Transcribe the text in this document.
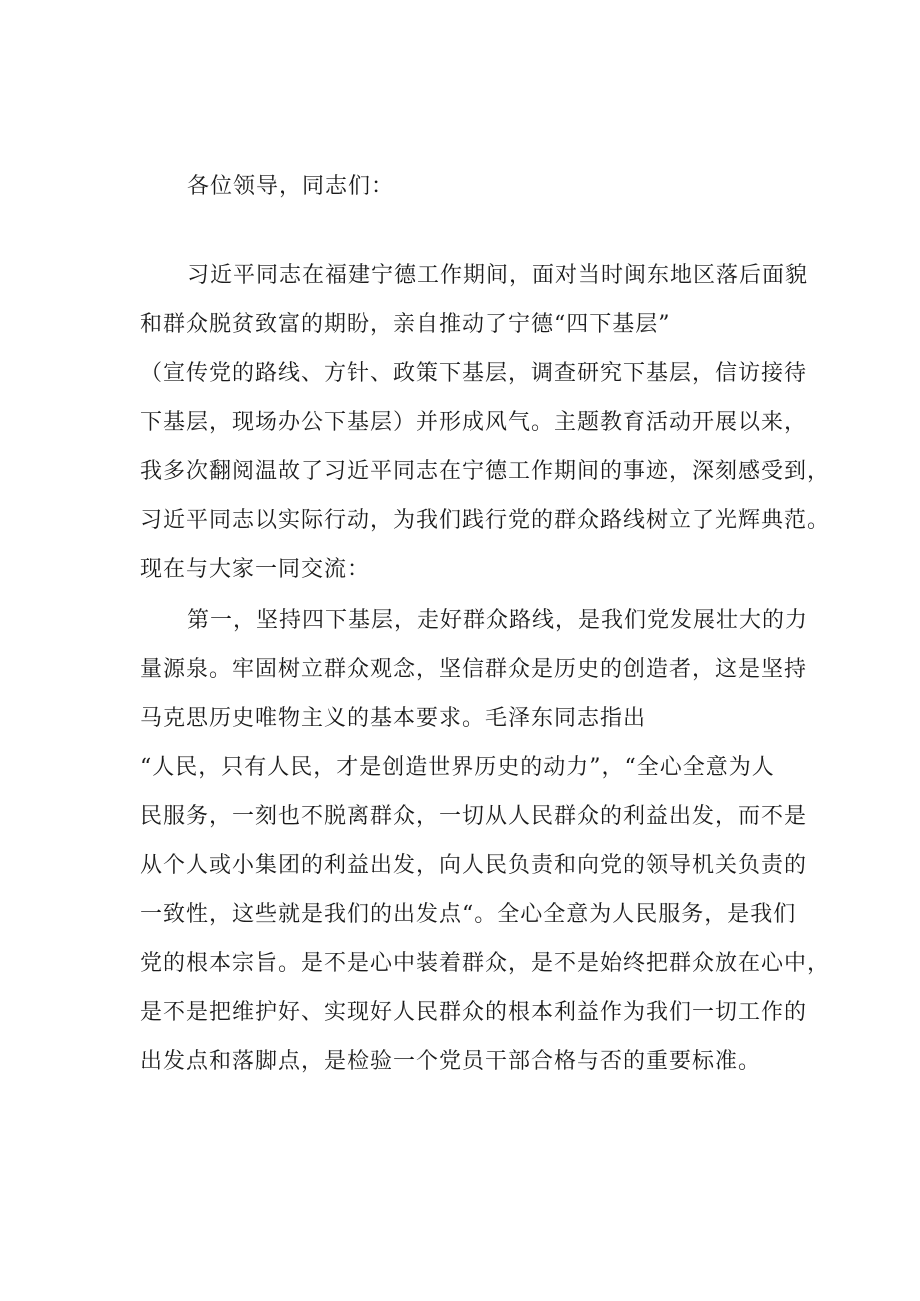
各位领导，同志们：
习近平同志在福建宁德工作期间，面对当时闽东地区落后面貌
和群众脱贫致富的期盼，亲自推动了宁德“四下基层”
（宣传党的路线、方针、政策下基层，调查研究下基层，信访接待
下基层，现场办公下基层）并形成风气。主题教育活动开展以来，
我多次翻阅温故了习近平同志在宁德工作期间的事迹，深刻感受到，
习近平同志以实际行动，为我们践行党的群众路线树立了光辉典范。
现在与大家一同交流：
第一，坚持四下基层，走好群众路线，是我们党发展壮大的力
量源泉。牢固树立群众观念，坚信群众是历史的创造者，这是坚持
马克思历史唯物主义的基本要求。毛泽东同志指出
“人民，只有人民，才是创造世界历史的动力”，“全心全意为人
民服务，一刻也不脱离群众，一切从人民群众的利益出发，而不是
从个人或小集团的利益出发，向人民负责和向党的领导机关负责的
一致性，这些就是我们的出发点“。全心全意为人民服务，是我们
党的根本宗旨。是不是心中装着群众，是不是始终把群众放在心中，
是不是把维护好、实现好人民群众的根本利益作为我们一切工作的
出发点和落脚点，是检验一个党员干部合格与否的重要标准。
